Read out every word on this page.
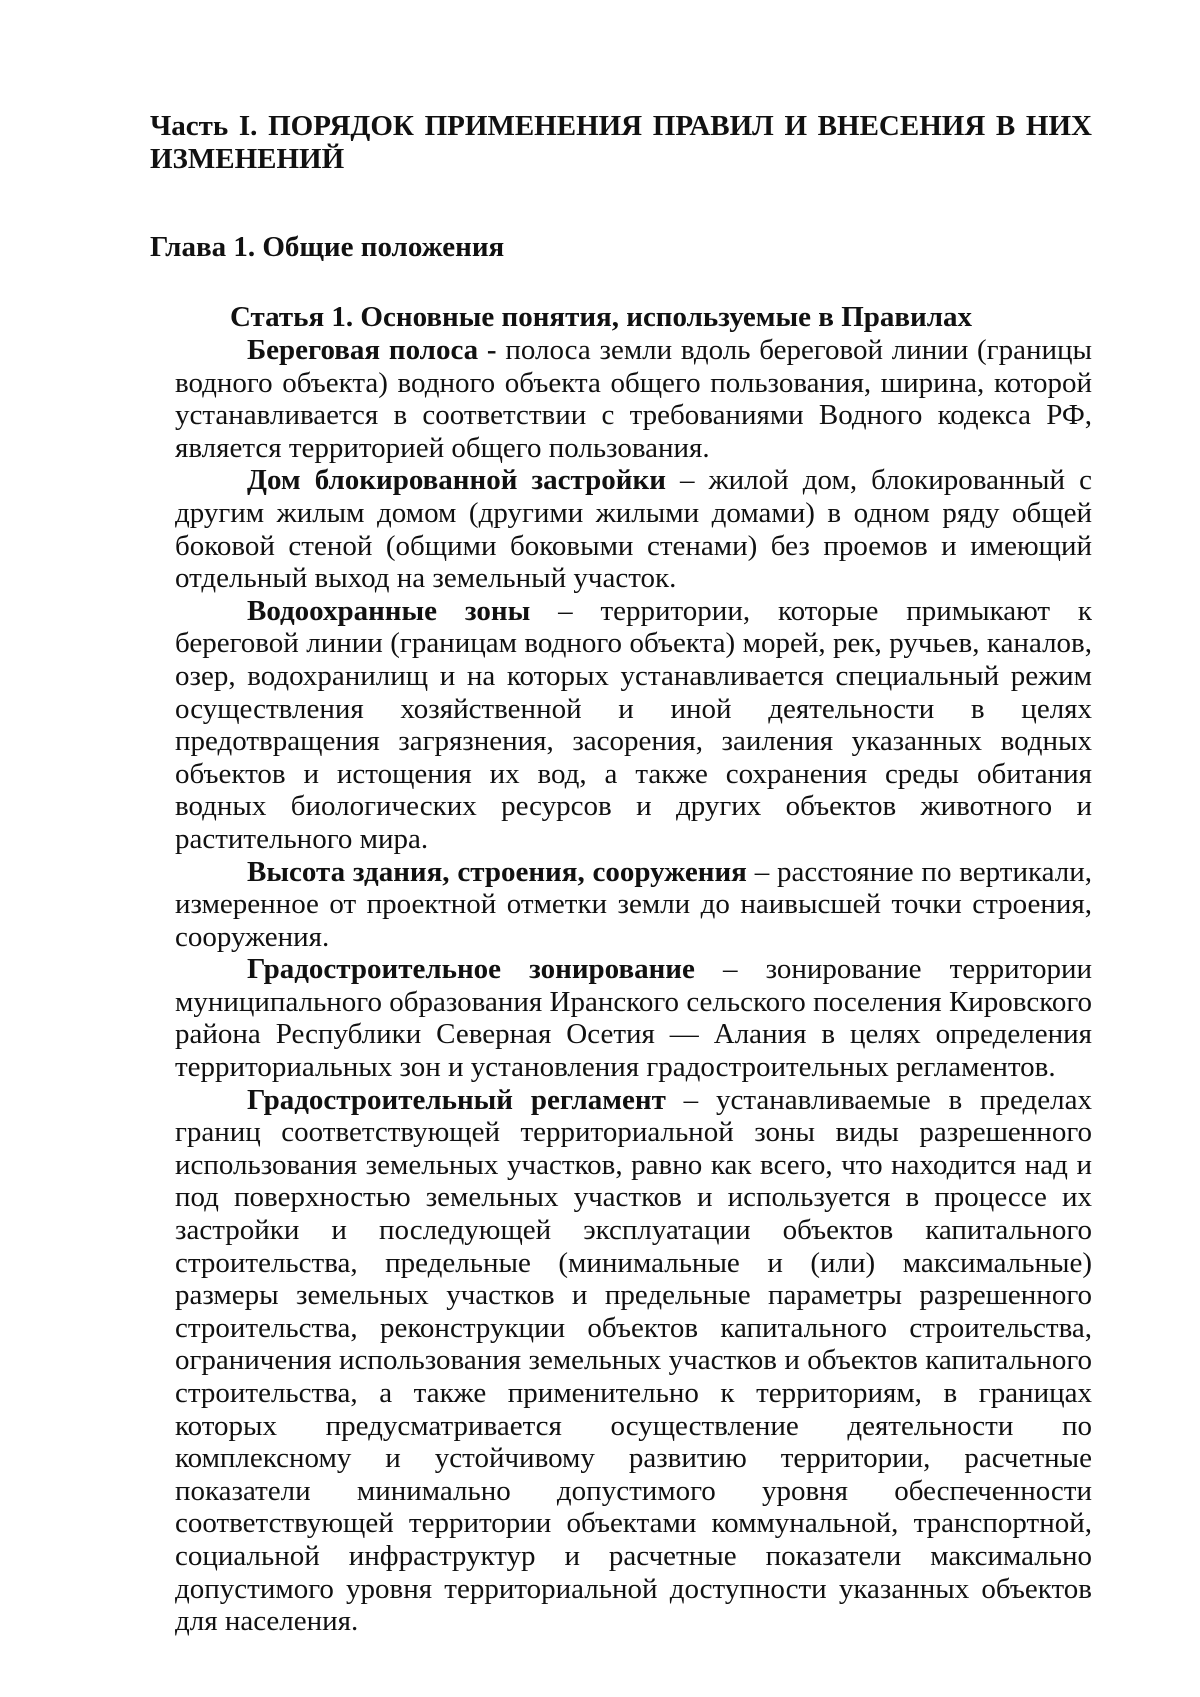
Часть I. ПОРЯДОК ПРИМЕНЕНИЯ ПРАВИЛ И ВНЕСЕНИЯ В НИХ ИЗМЕНЕНИЙ
Глава 1. Общие положения
Статья 1. Основные понятия, используемые в Правилах

Береговая полоса - полоса земли вдоль береговой линии (границы водного объекта) водного объекта общего пользования, ширина, которой устанавливается в соответствии с требованиями Водного кодекса РФ, является территорией общего пользования.

Дом блокированной застройки – жилой дом, блокированный с другим жилым домом (другими жилыми домами) в одном ряду общей боковой стеной (общими боковыми стенами) без проемов и имеющий отдельный выход на земельный участок.

Водоохранные зоны – территории, которые примыкают к береговой линии (границам водного объекта) морей, рек, ручьев, каналов, озер, водохранилищ и на которых устанавливается специальный режим осуществления хозяйственной и иной деятельности в целях предотвращения загрязнения, засорения, заиления указанных водных объектов и истощения их вод, а также сохранения среды обитания водных биологических ресурсов и других объектов животного и растительного мира.

Высота здания, строения, сооружения – расстояние по вертикали, измеренное от проектной отметки земли до наивысшей точки строения, сооружения.

Градостроительное зонирование – зонирование территории муниципального образования Иранского сельского поселения Кировского района Республики Северная Осетия — Алания в целях определения территориальных зон и установления градостроительных регламентов.

Градостроительный регламент – устанавливаемые в пределах границ соответствующей территориальной зоны виды разрешенного использования земельных участков, равно как всего, что находится над и под поверхностью земельных участков и используется в процессе их застройки и последующей эксплуатации объектов капитального строительства, предельные (минимальные и (или) максимальные) размеры земельных участков и предельные параметры разрешенного строительства, реконструкции объектов капитального строительства, ограничения использования земельных участков и объектов капитального строительства, а также применительно к территориям, в границах которых предусматривается осуществление деятельности по комплексному и устойчивому развитию территории, расчетные показатели минимально допустимого уровня обеспеченности соответствующей территории объектами коммунальной, транспортной, социальной инфраструктур и расчетные показатели максимально допустимого уровня территориальной доступности указанных объектов для населения.
